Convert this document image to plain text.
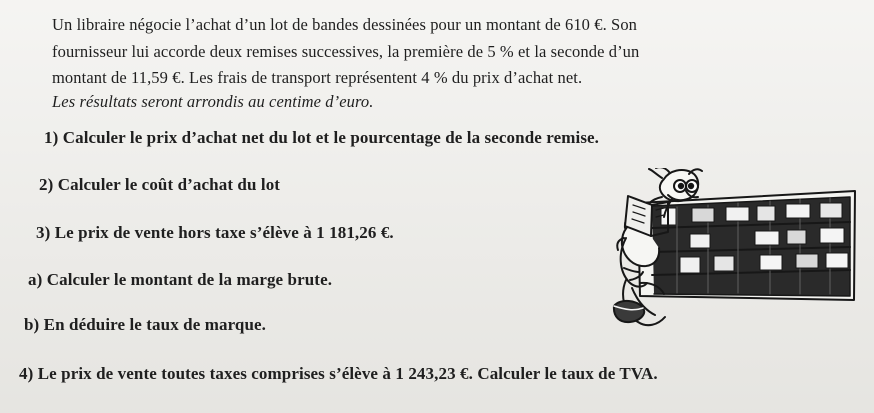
Un libraire négocie l’achat d’un lot de bandes dessinées pour un montant de 610 €. Son
fournisseur lui accorde deux remises successives, la première de 5 % et la seconde d’un
montant de 11,59 €. Les frais de transport représentent 4 % du prix d’achat net.
Les résultats seront arrondis au centime d’euro.
1) Calculer le prix d’achat net du lot et le pourcentage de la seconde remise.
2) Calculer le coût d’achat du lot
3) Le prix de vente hors taxe s’élève à 1 181,26 €.
a) Calculer le montant de la marge brute.
b) En déduire le taux de marque.
4) Le prix de vente toutes taxes comprises s’élève à 1 243,23 €. Calculer le taux de TVA.
